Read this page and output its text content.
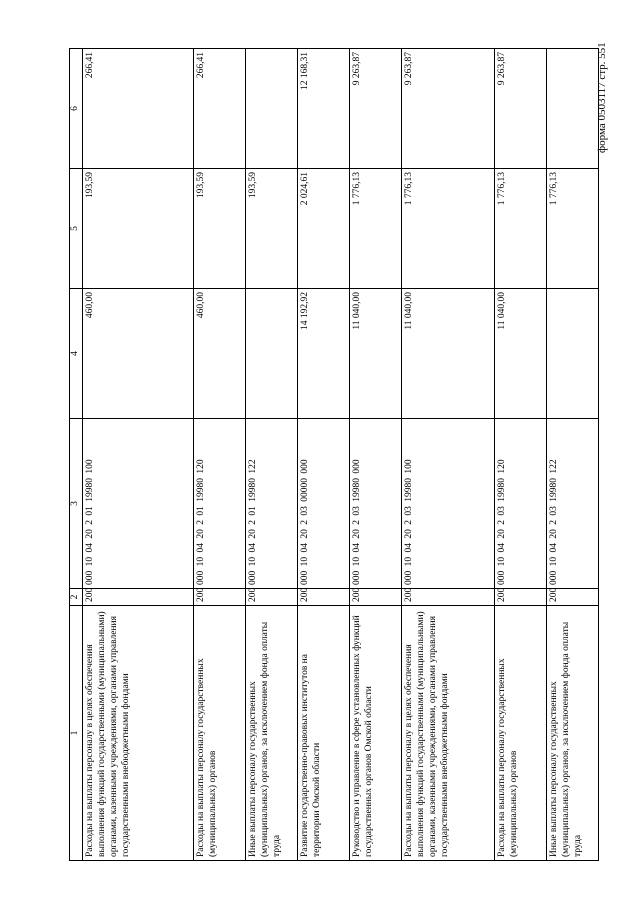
форма 0503117 стр. 551
1	2	3	4	5	6
Расходы на выплаты персоналу в целях обеспечения выполнения функций государственными (муниципальными) органами, казенными учреждениями, органами управления государственными внебюджетными фондами	200	000 10 04 20 2 01 19980 100	460,00	193,59	266,41
Расходы на выплаты персоналу государственных (муниципальных) органов	200	000 10 04 20 2 01 19980 120	460,00	193,59	266,41
Иные выплаты персоналу государственных (муниципальных) органов, за исключением фонда оплаты труда	200	000 10 04 20 2 01 19980 122		193,59	
Развитие государственно-правовых институтов на территории Омской области	200	000 10 04 20 2 03 00000 000	14 192,92	2 024,61	12 168,31
Руководство и управление в сфере установленных функций государственных органов Омской области	200	000 10 04 20 2 03 19980 000	11 040,00	1 776,13	9 263,87
Расходы на выплаты персоналу в целях обеспечения выполнения функций государственными (муниципальными) органами, казенными учреждениями, органами управления государственными внебюджетными фондами	200	000 10 04 20 2 03 19980 100	11 040,00	1 776,13	9 263,87
Расходы на выплаты персоналу государственных (муниципальных) органов	200	000 10 04 20 2 03 19980 120	11 040,00	1 776,13	9 263,87
Иные выплаты персоналу государственных (муниципальных) органов, за исключением фонда оплаты труда	200	000 10 04 20 2 03 19980 122		1 776,13	
